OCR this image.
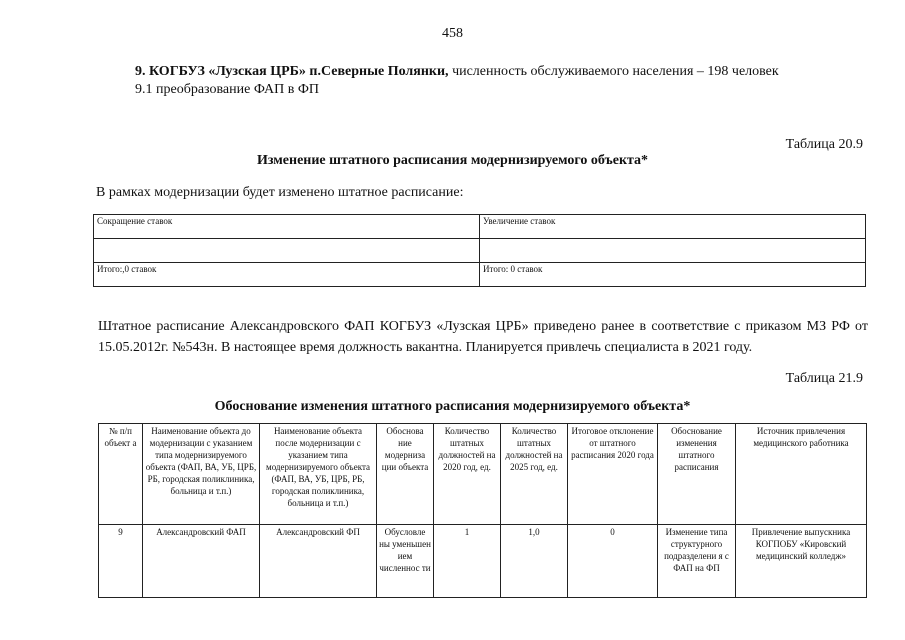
458
9. КОГБУЗ «Лузская ЦРБ» п.Северные Полянки, численность обслуживаемого населения – 198 человек
9.1 преобразование ФАП в ФП
Таблица 20.9
Изменение штатного расписания модернизируемого объекта*
В рамках модернизации будет изменено штатное расписание:
Сокращение ставок	Увеличение ставок

Итого:,0 ставок	Итого: 0 ставок
Штатное расписание Александровского ФАП КОГБУЗ «Лузская ЦРБ» приведено ранее в соответствие с приказом МЗ РФ от 15.05.2012г. №543н. В настоящее время должность вакантна. Планируется привлечь специалиста в 2021 году.
Таблица 21.9
Обоснование изменения штатного расписания модернизируемого объекта*
№ п/п объект а	Наименование объекта до модернизации с указанием типа модернизируемого объекта (ФАП, ВА, УБ, ЦРБ, РБ, городская поликлиника, больница и т.п.)	Наименование объекта после модернизации с указанием типа модернизируемого объекта (ФАП, ВА, УБ, ЦРБ, РБ, городская поликлиника, больница и т.п.)	Обоснова ние модерниза ции объекта	Количество штатных должностей на 2020 год, ед.	Количество штатных должностей на 2025 год, ед.	Итоговое отклонение от штатного расписания 2020 года	Обоснование изменения штатного расписания	Источник привлечения медицинского работника
9	Александровский ФАП	Александровский ФП	Обусловле ны уменьшен ием численнос ти	1	1,0	0	Изменение типа структурного подразделени я с ФАП на ФП	Привлечение выпускника КОГПОБУ «Кировский медицинский колледж»
